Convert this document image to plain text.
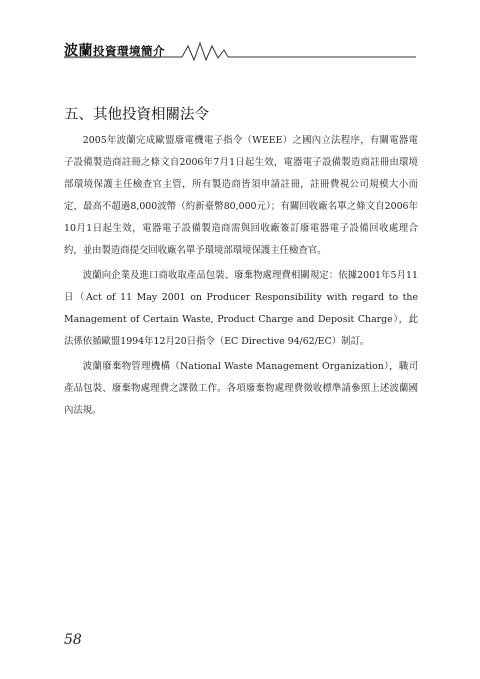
波蘭投資環境簡介
五、其他投資相關法令

2005年波蘭完成歐盟廢電機電子指令（WEEE）之國內立法程序，有關電器電子設備製造商註冊之條文自2006年7月1日起生效，電器電子設備製造商註冊由環境部環境保護主任檢查官主管，所有製造商皆須申請註冊，註冊費視公司規模大小而定，最高不超過8,000波幣（約新臺幣80,000元）；有關回收廠名單之條文自2006年10月1日起生效，電器電子設備製造商需與回收廠簽訂廢電器電子設備回收處理合約，並由製造商提交回收廠名單予環境部環境保護主任檢查官。

波蘭向企業及進口商收取產品包裝、廢棄物處理費相關規定：依據2001年5月11日（Act of 11 May 2001 on Producer Responsibility with regard to the Management of Certain Waste, Product Charge and Deposit Charge），此法係依循歐盟1994年12月20日指令（EC Directive 94/62/EC）制訂。

波蘭廢棄物管理機構（National Waste Management Organization），職司產品包裝、廢棄物處理費之課徵工作。各項廢棄物處理費徵收標準請參照上述波蘭國內法規。

58
